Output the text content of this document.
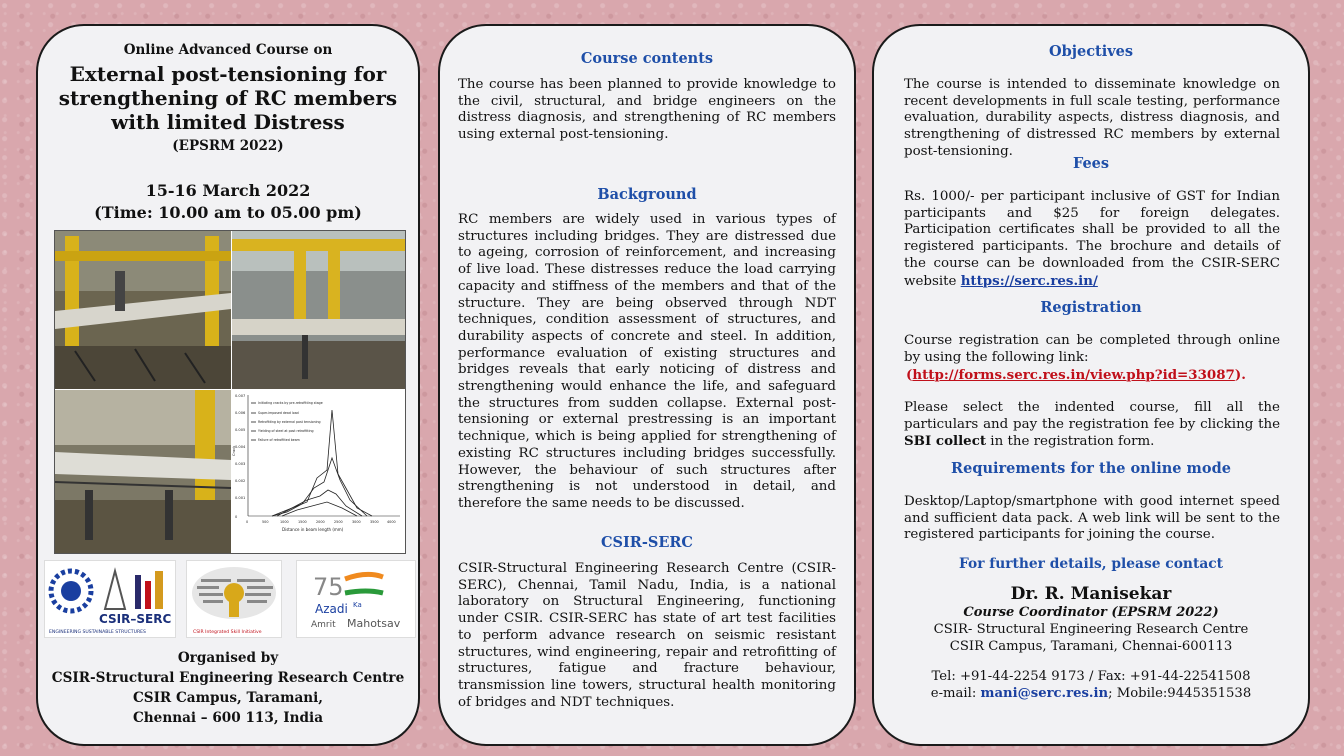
Online Advanced Course on
External post-tensioning for strengthening of RC members with limited Distress
(EPSRM 2022)
15-16 March 2022
(Time: 10.00 am to 05.00 pm)
0.007
0.006
0.005
0.004
0.003
0.002
0.001
0
Crack
0	500	1000	1500	2000	2500	3000	3500 4000
Distance in beam length (mm)
Initiating cracks by pre-retrofitting stage
Super-imposed dead load
Retrofitting by external post tensioning
Yielding of steel at post retrofitting
Failure of retrofitted beam
CSIR–SERC
ENGINEERING SUSTAINABLE STRUCTURES	CSIR Integrated Skill Initiative
75
Azadi Ka
Amrit Mahotsav
Organised by
CSIR-Structural Engineering Research Centre
CSIR Campus, Taramani,
Chennai – 600 113, India
Course contents
The course has been planned to provide knowledge to the civil, structural, and bridge engineers on the distress diagnosis, and strengthening of RC members using external post-tensioning.
Background
RC members are widely used in various types of structures including bridges. They are distressed due to ageing, corrosion of reinforcement, and increasing of live load. These distresses reduce the load carrying capacity and stiffness of the members and that of the structure. They are being observed through NDT techniques, condition assessment of structures, and durability aspects of concrete and steel. In addition, performance evaluation of existing structures and bridges reveals that early noticing of distress and strengthening would enhance the life, and safeguard the structures from sudden collapse. External post-tensioning or external prestressing is an important technique, which is being applied for strengthening of existing RC structures including bridges successfully. However, the behaviour of such structures after strengthening is not understood in detail, and therefore the same needs to be discussed.
CSIR-SERC
CSIR-Structural Engineering Research Centre (CSIR-SERC), Chennai, Tamil Nadu, India, is a national laboratory on Structural Engineering, functioning under CSIR. CSIR-SERC has state of art test facilities to perform advance research on seismic resistant structures, wind engineering, repair and retrofitting of structures, fatigue and fracture behaviour, transmission line towers, structural health monitoring of bridges and NDT techniques.
Objectives
The course is intended to disseminate knowledge on recent developments in full scale testing, performance evaluation, durability aspects, distress diagnosis, and strengthening of distressed RC members by external post-tensioning.
Fees
Rs. 1000/- per participant inclusive of GST for Indian participants and $25 for foreign delegates. Participation certificates shall be provided to all the registered participants. The brochure and details of the course can be downloaded from the CSIR-SERC website https://serc.res.in/
Registration
Course registration can be completed through online by using the following link:
(http://forms.serc.res.in/view.php?id=33087).
Please select the indented course, fill all the particulars and pay the registration fee by clicking the SBI collect in the registration form.
Requirements for the online mode
Desktop/Laptop/smartphone with good internet speed and sufficient data pack. A web link will be sent to the registered participants for joining the course.
For further details, please contact
Dr. R. Manisekar
Course Coordinator (EPSRM 2022)
CSIR- Structural Engineering Research Centre
CSIR Campus, Taramani, Chennai-600113
Tel: +91-44-2254 9173 / Fax: +91-44-22541508
e-mail: mani@serc.res.in; Mobile:9445351538
